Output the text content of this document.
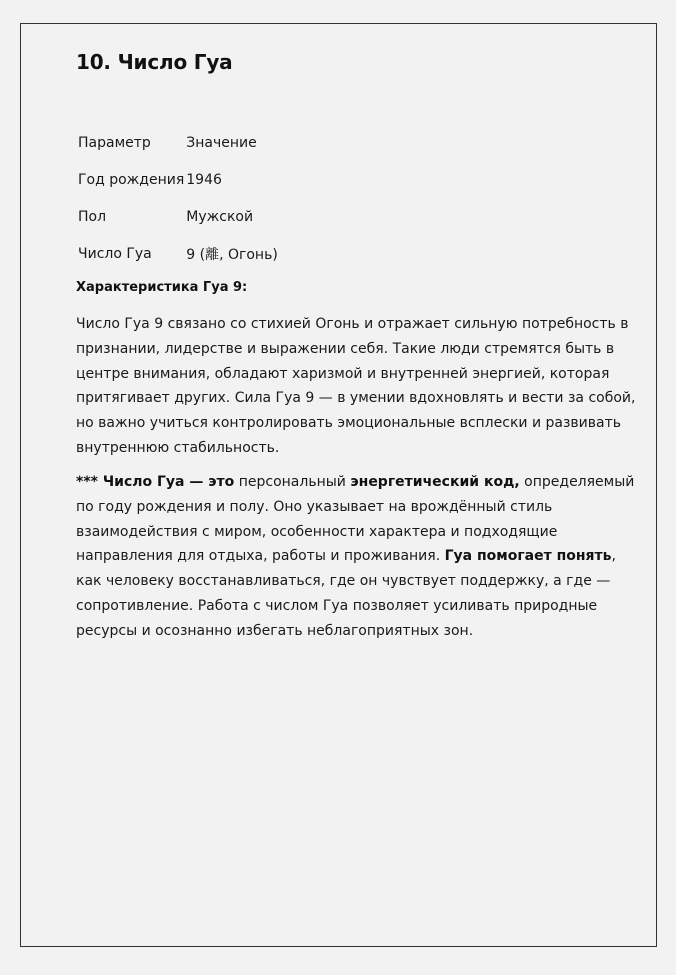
10. Число Гуа
Параметр	Значение
Год рождения	1946
Пол	Мужской
Число Гуа	9 (離, Огонь)
Характеристика Гуа 9:

Число Гуа 9 связано со стихией Огонь и отражает сильную потребность в признании, лидерстве и выражении себя. Такие люди стремятся быть в центре внимания, обладают харизмой и внутренней энергией, которая притягивает других. Сила Гуа 9 — в умении вдохновлять и вести за собой, но важно учиться контролировать эмоциональные всплески и развивать внутреннюю стабильность.

*** Число Гуа — это персональный энергетический код, определяемый по году рождения и полу. Оно указывает на врождённый стиль взаимодействия с миром, особенности характера и подходящие направления для отдыха, работы и проживания. Гуа помогает понять, как человеку восстанавливаться, где он чувствует поддержку, а где — сопротивление. Работа с числом Гуа позволяет усиливать природные ресурсы и осознанно избегать неблагоприятных зон.
